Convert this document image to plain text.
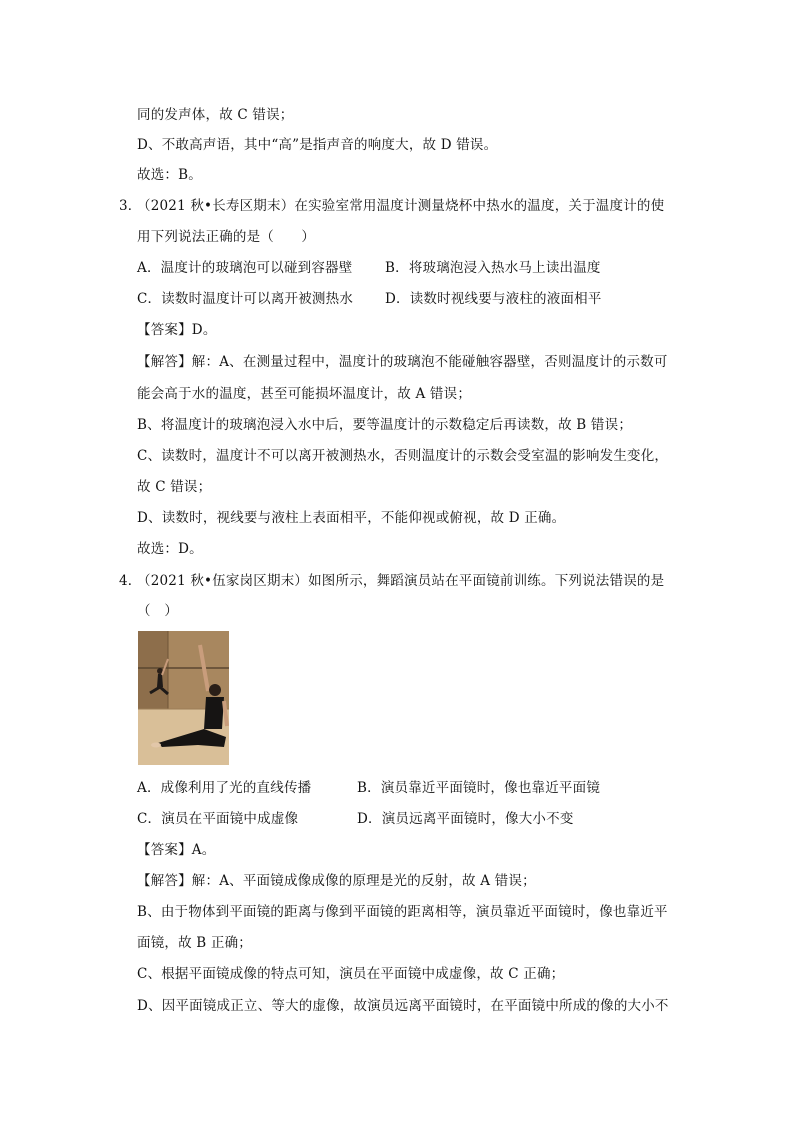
同的发声体，故 C 错误；
D、不敢高声语，其中“高”是指声音的响度大，故 D 错误。
故选：B。
3．
（2021 秋•长寿区期末）在实验室常用温度计测量烧杯中热水的温度，关于温度计的使
用下列说法正确的是（　　）
A．温度计的玻璃泡可以碰到容器壁 B．将玻璃泡浸入热水马上读出温度
C．读数时温度计可以离开被测热水 D．读数时视线要与液柱的液面相平
【答案】D。
【解答】解：A、在测量过程中，温度计的玻璃泡不能碰触容器壁，否则温度计的示数可
能会高于水的温度，甚至可能损坏温度计，故 A 错误；
B、将温度计的玻璃泡浸入水中后，要等温度计的示数稳定后再读数，故 B 错误；
C、读数时，温度计不可以离开被测热水，否则温度计的示数会受室温的影响发生变化，
故 C 错误；
D、读数时，视线要与液柱上表面相平，不能仰视或俯视，故 D 正确。
故选：D。
4．
（2021 秋•伍家岗区期末）如图所示，舞蹈演员站在平面镜前训练。下列说法错误的是
（　）
A．成像利用了光的直线传播	B．演员靠近平面镜时，像也靠近平面镜
C．演员在平面镜中成虚像	D．演员远离平面镜时，像大小不变
【答案】A。
【解答】解：A、平面镜成像成像的原理是光的反射，故 A 错误；
B、由于物体到平面镜的距离与像到平面镜的距离相等，演员靠近平面镜时，像也靠近平
面镜，故 B 正确；
C、根据平面镜成像的特点可知，演员在平面镜中成虚像，故 C 正确；
D、因平面镜成正立、等大的虚像，故演员远离平面镜时，在平面镜中所成的像的大小不
